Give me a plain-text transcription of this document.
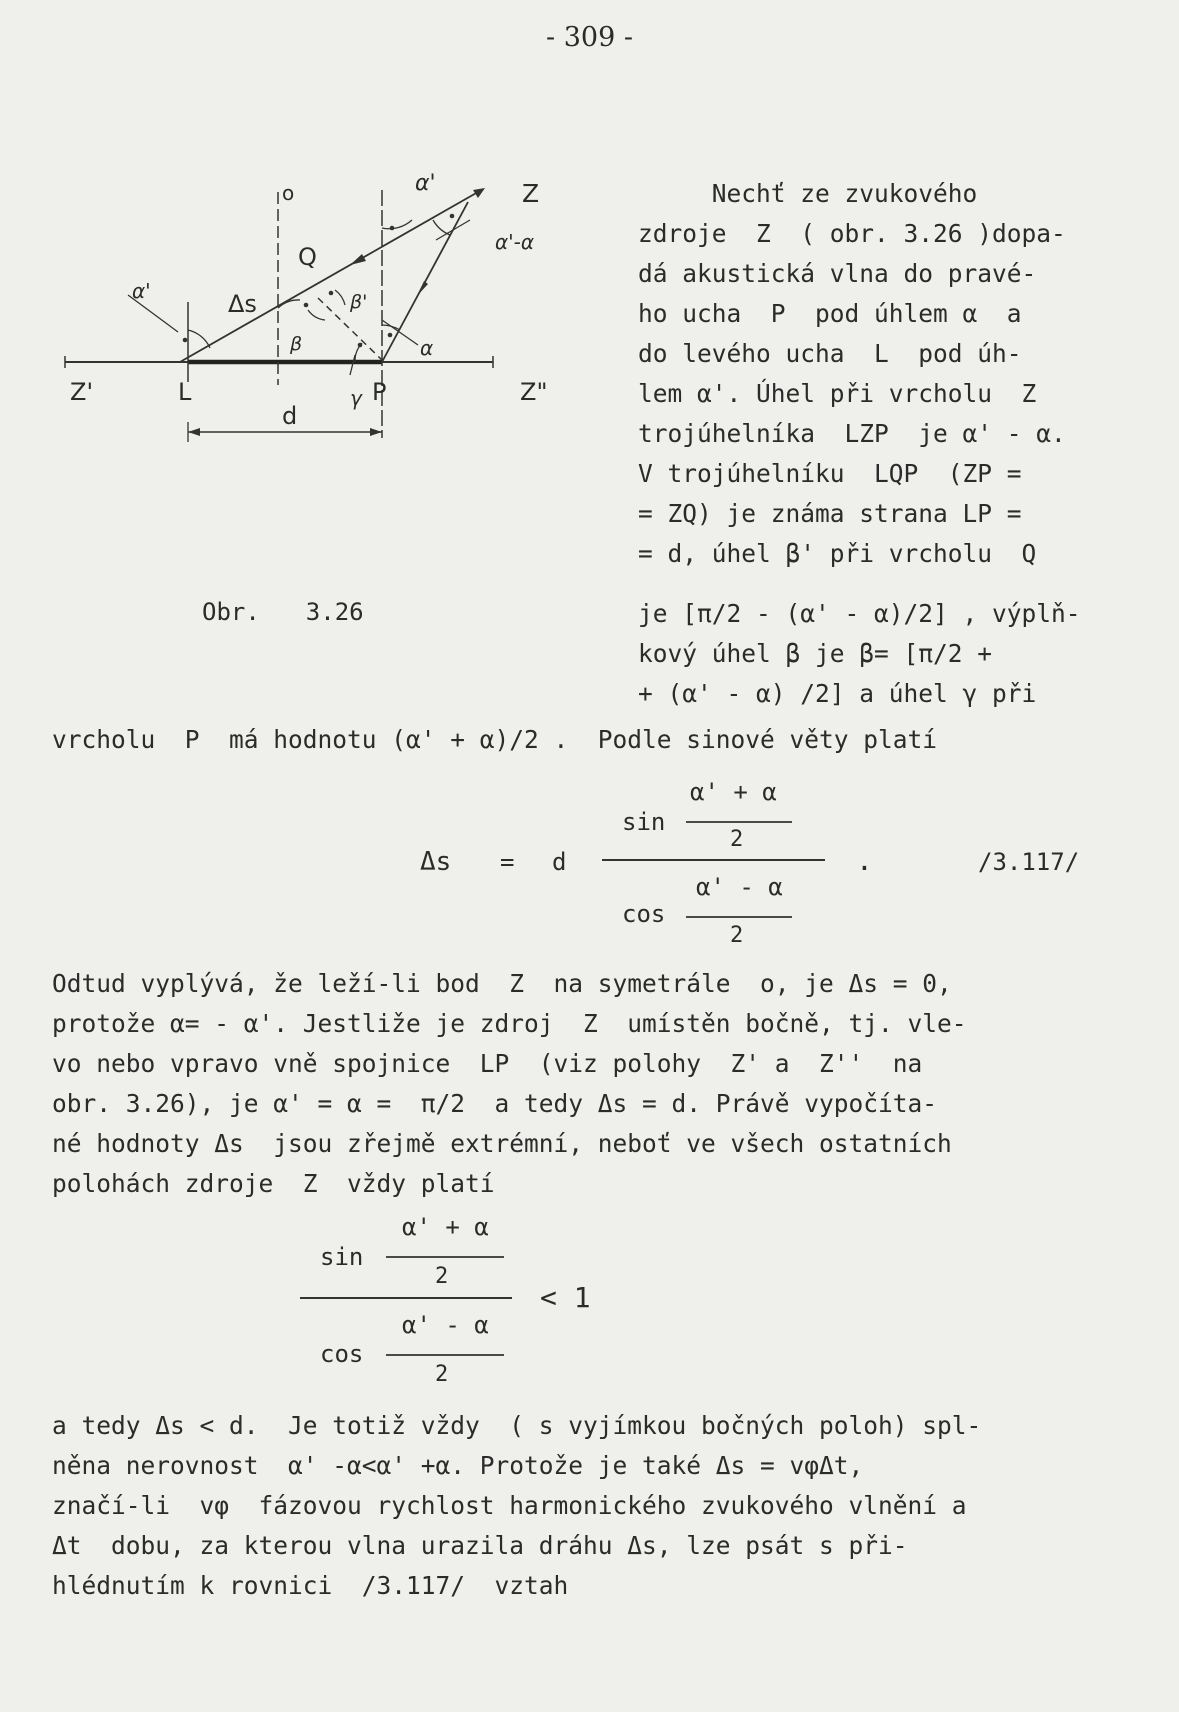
- 309 -
α'	Z
o
Q
α'-α
α'	Δs	β'
β	α
Z'	L	γ P	Z"
d
Obr. 3.26
Nechť ze zvukového
zdroje  Z  ( obr. 3.26 )dopa-
dá akustická vlna do pravé-
ho ucha  P  pod úhlem α  a
do levého ucha  L  pod úh-
lem α'. Úhel při vrcholu  Z
trojúhelníka  LZP  je α' - α.
V trojúhelníku  LQP  (ZP =
= ZQ) je známa strana LP =
= d, úhel β' při vrcholu  Q
je [π/2 - (α' - α)/2] , výplň-
kový úhel β je β= [π/2 +
+ (α' - α) /2] a úhel γ při
vrcholu  P  má hodnotu (α' + α)/2 .  Podle sinové věty platí
Δs = d
sin
α' + α
2
cos
α' - α
2
.	/3.117/
Odtud vyplývá, že leží-li bod  Z  na symetrále  o, je Δs = 0,
protože α= - α'. Jestliže je zdroj  Z  umístěn bočně, tj. vle-
vo nebo vpravo vně spojnice  LP  (viz polohy  Z' a  Z''  na
obr. 3.26), je α' = α =  π/2  a tedy Δs = d. Právě vypočíta-
né hodnoty Δs  jsou zřejmě extrémní, neboť ve všech ostatních
polohách zdroje  Z  vždy platí
sin
α' + α
2
cos
α' - α
2
< 1
a tedy Δs < d.  Je totiž vždy  ( s vyjímkou bočných poloh) spl-
něna nerovnost  α' -α<α' +α. Protože je také Δs = vφΔt,
značí-li  vφ  fázovou rychlost harmonického zvukového vlnění a
Δt  dobu, za kterou vlna urazila dráhu Δs, lze psát s při-
hlédnutím k rovnici  /3.117/  vztah
